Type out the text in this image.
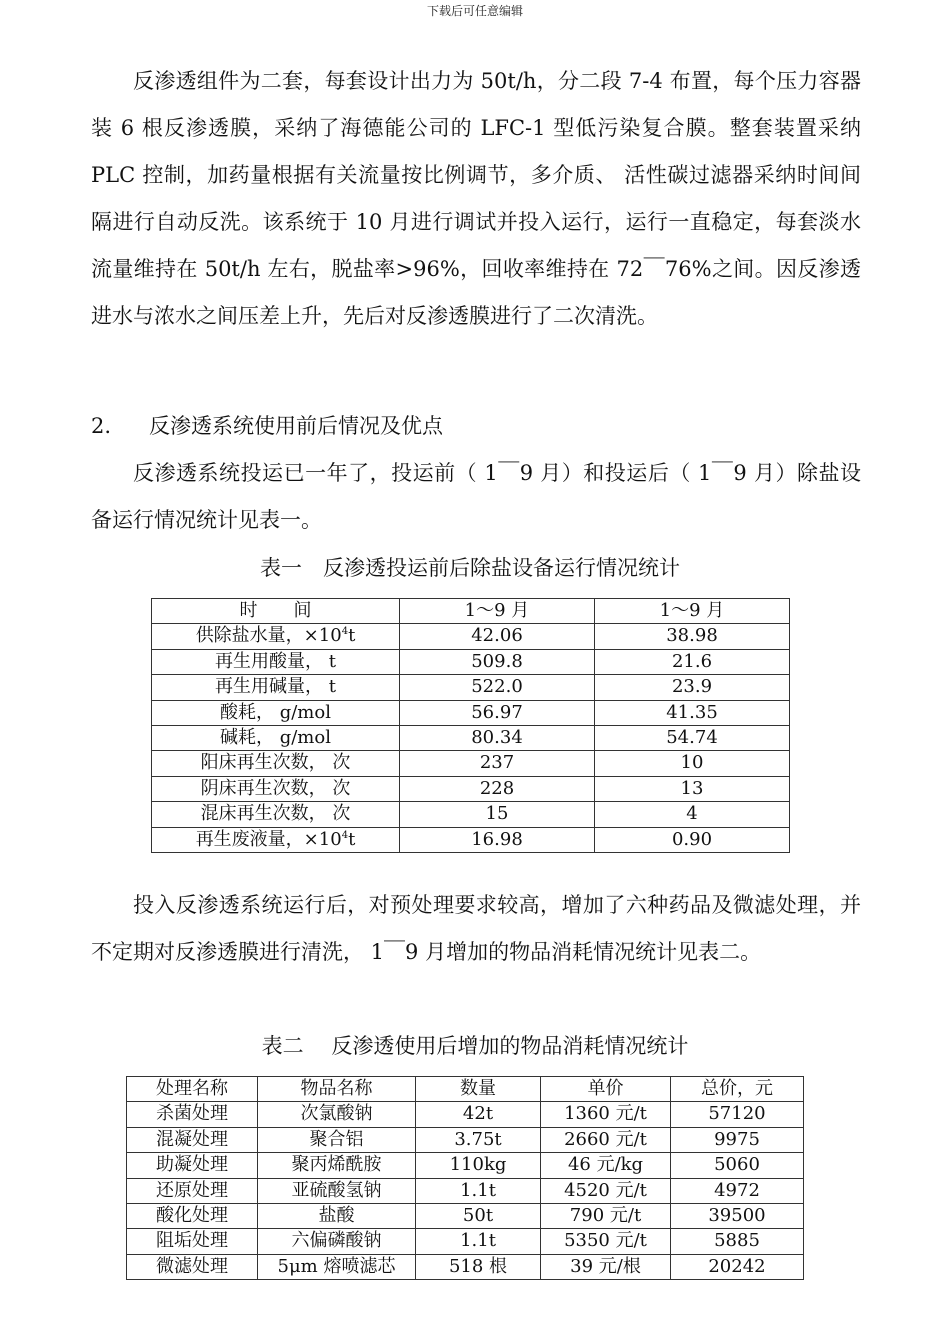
下载后可任意编辑

反渗透组件为二套，每套设计出力为 50t/h，分二段 7-4 布置，每个压力容器装 6 根反渗透膜，采纳了海德能公司的 LFC-1 型低污染复合膜。整套装置采纳 PLC 控制，加药量根据有关流量按比例调节，多介质、 活性碳过滤器采纳时间间隔进行自动反洗。该系统于 10 月进行调试并投入运行，运行一直稳定，每套淡水流量维持在 50t/h 左右，脱盐率>96%，回收率维持在 72￣76%之间。因反渗透进水与浓水之间压差上升，先后对反渗透膜进行了二次清洗。

2. 反渗透系统使用前后情况及优点

反渗透系统投运已一年了，投运前（ 1￣9 月）和投运后（ 1￣9 月）除盐设备运行情况统计见表一。

表一　反渗透投运前后除盐设备运行情况统计
时　　间	1～9 月	1～9 月
供除盐水量，$\times 10^4t$	42.06	38.98
再生用酸量， t	509.8	21.6
再生用碱量， t	522.0	23.9
酸耗， g/mol	56.97	41.35
碱耗， g/mol	80.34	54.74
阳床再生次数， 次	237	10
阴床再生次数， 次	228	13
混床再生次数， 次	15	4
再生废液量，$\times 10^4t$	16.98	0.90

投入反渗透系统运行后，对预处理要求较高，增加了六种药品及微滤处理，并不定期对反渗透膜进行清洗， 1￣9 月增加的物品消耗情况统计见表二。

表二　 反渗透使用后增加的物品消耗情况统计
处理名称	物品名称	数量	单价	总价，元
杀菌处理	次氯酸钠	42t	1360 元/t	57120
混凝处理	聚合铝	3.75t	2660 元/t	9975
助凝处理	聚丙烯酰胺	110kg	46 元/kg	5060
还原处理	亚硫酸氢钠	1.1t	4520 元/t	4972
酸化处理	盐酸	50t	790 元/t	39500
阻垢处理	六偏磷酸钠	1.1t	5350 元/t	5885
微滤处理	5μm 熔喷滤芯	518 根	39 元/根	20242
